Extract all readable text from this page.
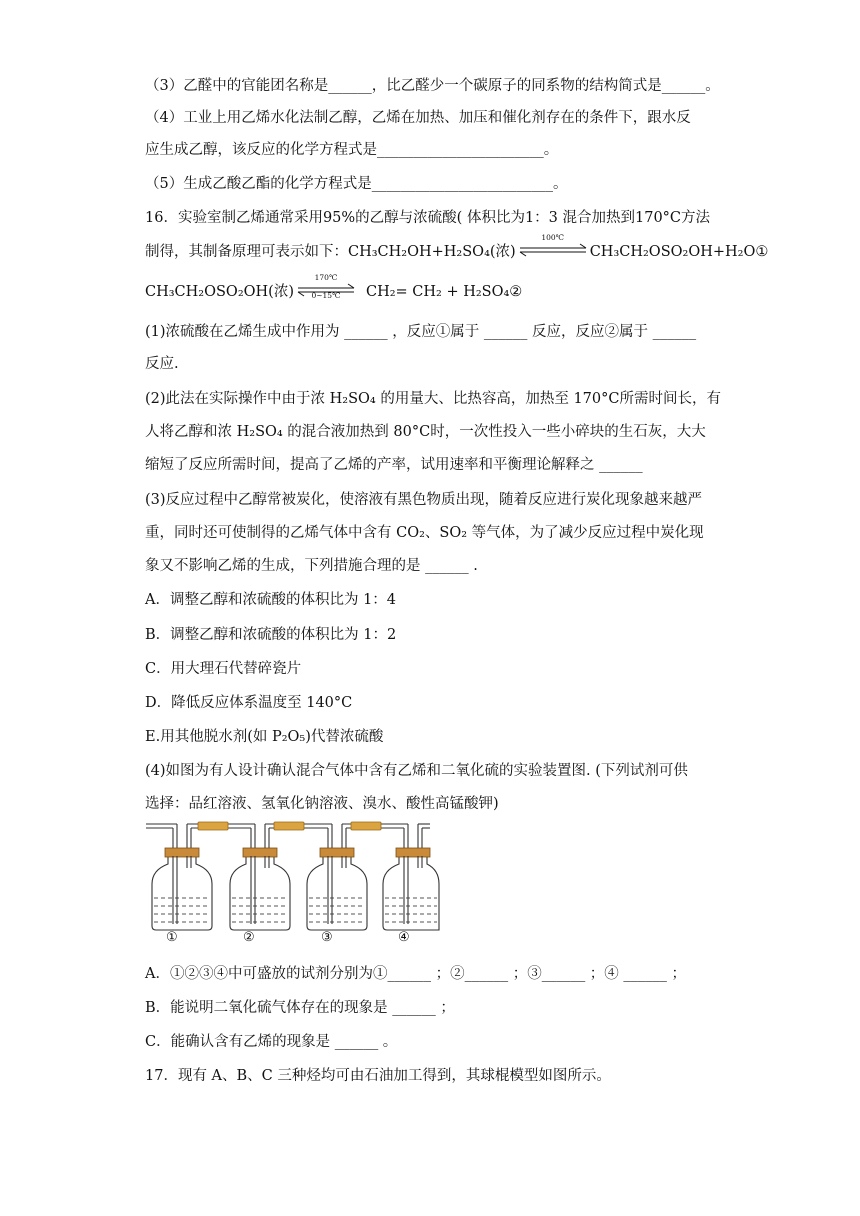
（3）乙醛中的官能团名称是______，比乙醛少一个碳原子的同系物的结构简式是______。
（4）工业上用乙烯水化法制乙醇，乙烯在加热、加压和催化剂存在的条件下，跟水反
应生成乙醇，该反应的化学方程式是_______________________。
（5）生成乙酸乙酯的化学方程式是_________________________。
16．实验室制乙烯通常采用95%的乙醇与浓硫酸( 体积比为1：3 混合加热到170°C方法
制得，其制备原理可表示如下：CH₃CH₂OH+H₂SO₄(浓)
100℃
CH₃CH₂OSO₂OH+H₂O①
CH₃CH₂OSO₂OH(浓)
170℃
0~15℃	CH₂= CH₂ + H₂SO₄②
(1)浓硫酸在乙烯生成中作用为 ______ ，反应①属于 ______ 反应，反应②属于 ______
反应.
(2)此法在实际操作中由于浓 H₂SO₄ 的用量大、比热容高，加热至 170°C所需时间长，有
人将乙醇和浓 H₂SO₄ 的混合液加热到 80°C时，一次性投入一些小碎块的生石灰，大大
缩短了反应所需时间，提高了乙烯的产率，试用速率和平衡理论解释之 ______
(3)反应过程中乙醇常被炭化，使溶液有黑色物质出现，随着反应进行炭化现象越来越严
重，同时还可使制得的乙烯气体中含有 CO₂、SO₂ 等气体，为了减少反应过程中炭化现
象又不影响乙烯的生成，下列措施合理的是 ______ .
A．调整乙醇和浓硫酸的体积比为 1：4
B．调整乙醇和浓硫酸的体积比为 1：2
C．用大理石代替碎瓷片
D．降低反应体系温度至 140°C
E.用其他脱水剂(如 P₂O₅)代替浓硫酸
(4)如图为有人设计确认混合气体中含有乙烯和二氧化硫的实验装置图. (下列试剂可供
选择：品红溶液、氢氧化钠溶液、溴水、酸性高锰酸钾)
①	②	③	④
A．①②③④中可盛放的试剂分别为①______ ；②______ ；③______ ；④ ______ ；
B．能说明二氧化硫气体存在的现象是 ______ ；
C．能确认含有乙烯的现象是 ______ 。
17．现有 A、B、C 三种烃均可由石油加工得到，其球棍模型如图所示。
